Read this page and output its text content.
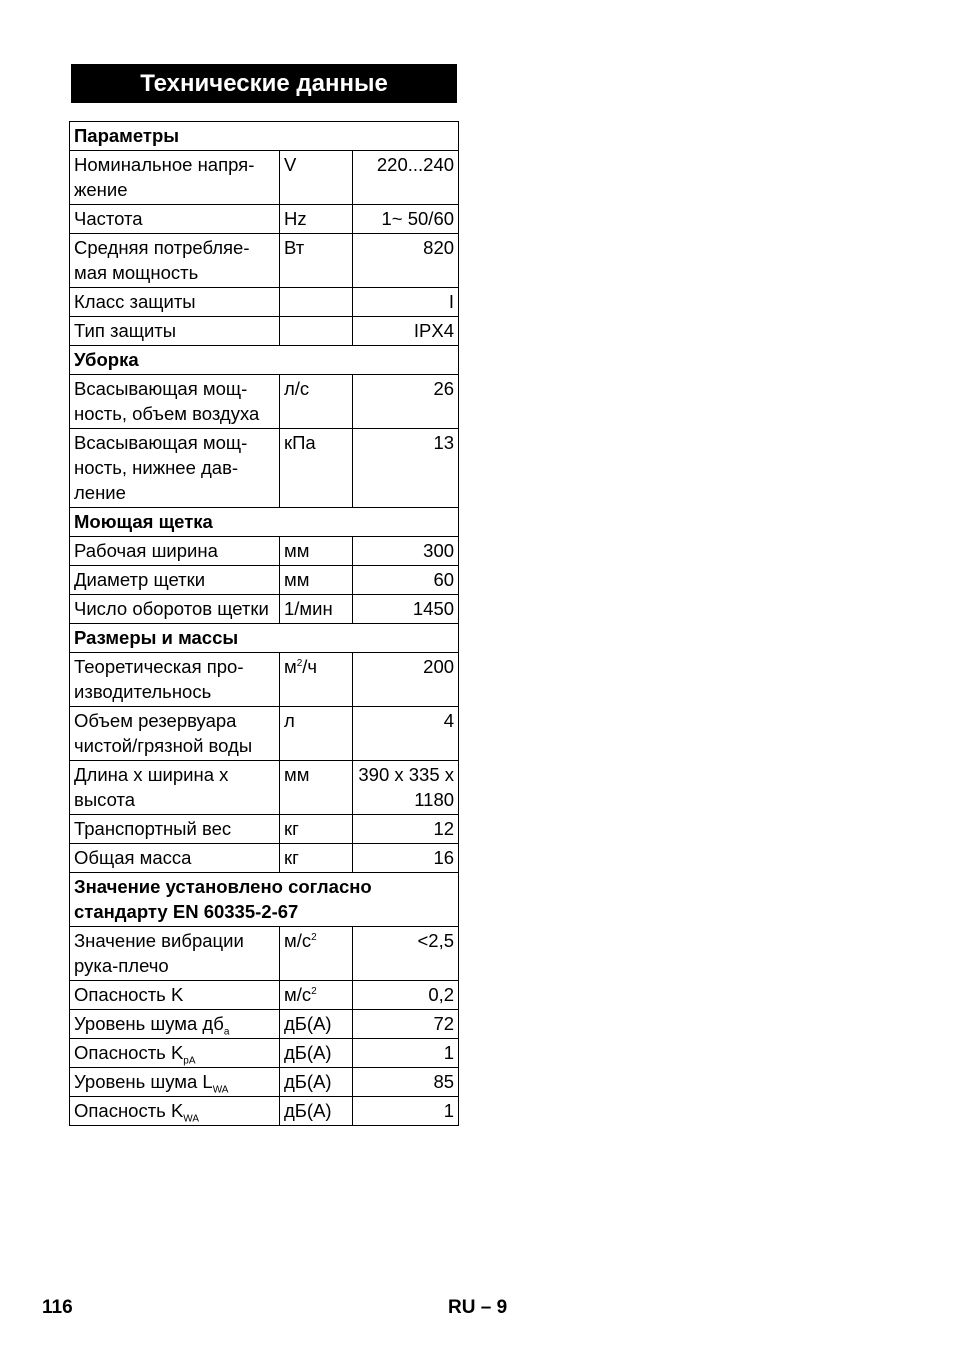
Технические данные
Параметры		
Номинальное напря-жение	V	220...240
Частота	Hz	1~ 50/60
Средняя потребляе-мая мощность	Вт	820
Класс защиты		I
Тип защиты		IPX4
Уборка		
Всасывающая мощ-ность, объем воздуха	л/с	26
Всасывающая мощ-ность, нижнее дав-ление	кПа	13
Моющая щетка		
Рабочая ширина	мм	300
Диаметр щетки	мм	60
Число оборотов щетки	1/мин	1450
Размеры и массы		
Теоретическая про-изводительнось	$м^2/ч$	200
Объем резервуара чистой/грязной воды	л	4
Длина x ширина x высота	мм	390 x 335 x 1180
Транспортный вес	кг	12
Общая масса	кг	16
Значение установлено согласно стандарту EN 60335-2-67		
Значение вибрации рука-плечо	$м/с^2$	<2,5
Опасность K	$м/с^2$	0,2
Уровень шума $дб_a$	дБ(A)	72
Опасность $K_{pA}$	дБ(A)	1
Уровень шума $L_{WA}$	дБ(A)	85
Опасность $K_{WA}$	дБ(A)	1
116	RU – 9
